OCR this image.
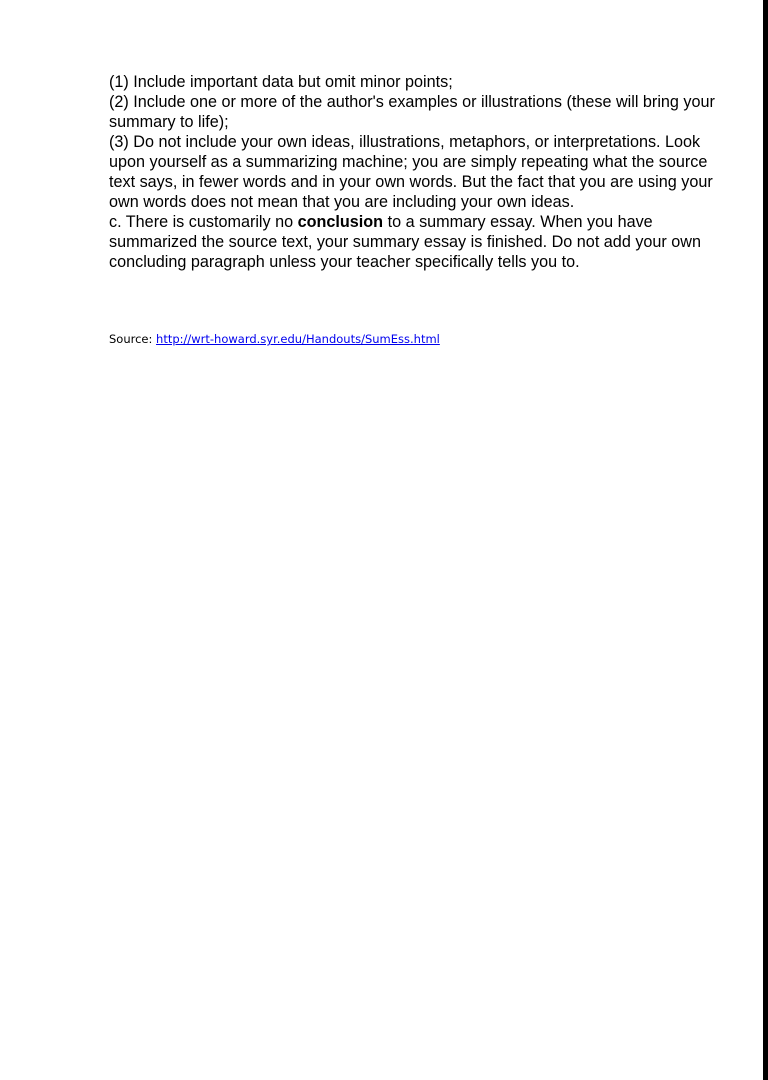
(1) Include important data but omit minor points;

(2) Include one or more of the author's examples or illustrations (these will bring your summary to life);

(3) Do not include your own ideas, illustrations, metaphors, or interpretations. Look upon yourself as a summarizing machine; you are simply repeating what the source text says, in fewer words and in your own words. But the fact that you are using your own words does not mean that you are including your own ideas.

c. There is customarily no conclusion to a summary essay. When you have summarized the source text, your summary essay is finished. Do not add your own concluding paragraph unless your teacher specifically tells you to.

Source: http://wrt-howard.syr.edu/Handouts/SumEss.html
